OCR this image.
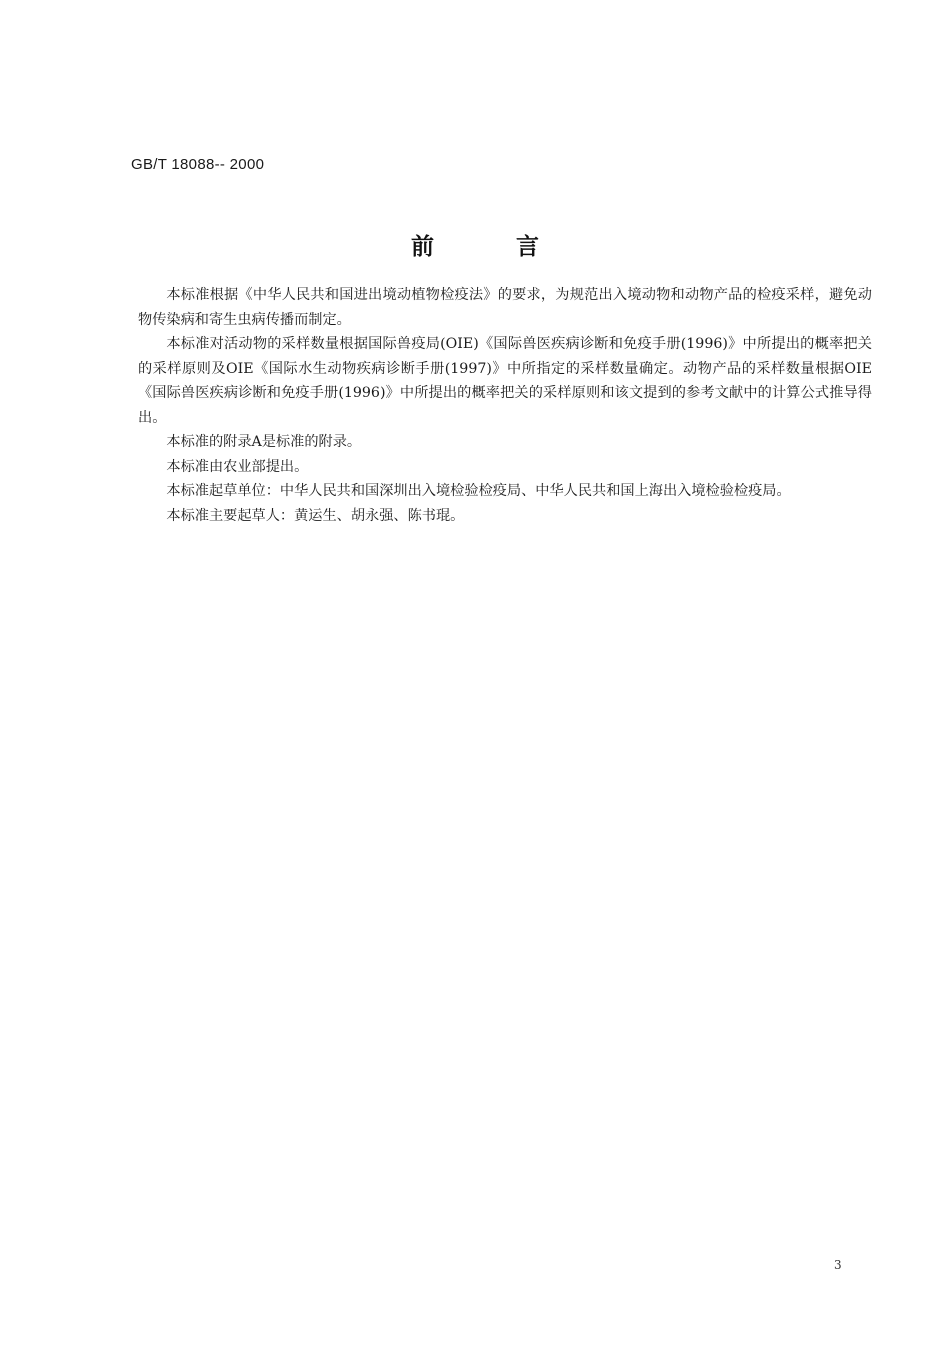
GB/T 18088-- 2000
前言

本标准根据《中华人民共和国进出境动植物检疫法》的要求，为规范出入境动物和动物产品的检疫采样，避免动物传染病和寄生虫病传播而制定。

本标准对活动物的采样数量根据国际兽疫局(OIE)《国际兽医疾病诊断和免疫手册(1996)》中所提出的概率把关的采样原则及OIE《国际水生动物疾病诊断手册(1997)》中所指定的采样数量确定。动物产品的采样数量根据OIE《国际兽医疾病诊断和免疫手册(1996)》中所提出的概率把关的采样原则和该文提到的参考文献中的计算公式推导得出。

本标准的附录A是标准的附录。

本标准由农业部提出。

本标准起草单位：中华人民共和国深圳出入境检验检疫局、中华人民共和国上海出入境检验检疫局。

本标准主要起草人：黄运生、胡永强、陈书琨。

3
